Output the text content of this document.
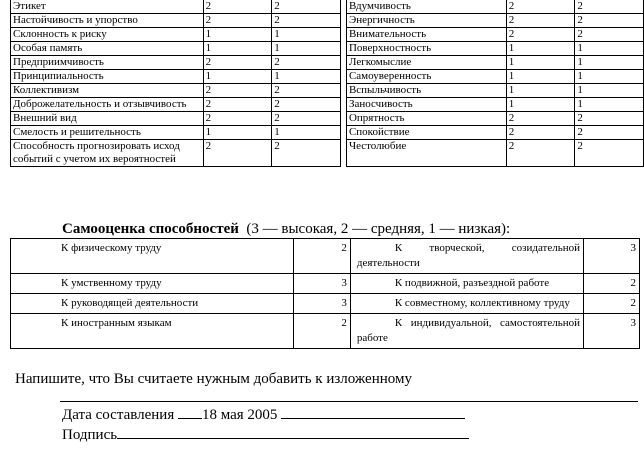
Этикет	2	2		Вдумчивость	2	2
Настойчивость и упорство	2	2		Энергичность	2	2
Склонность к риску	1	1		Внимательность	2	2
Особая память	1	1		Поверхностность	1	1
Предприимчивость	2	2		Легкомыслие	1	1
Принципиальность	1	1		Самоуверенность	1	1
Коллективизм	2	2		Вспыльчивость	1	1
Доброжелательность и отзывчивость	2	2		Заносчивость	1	1
Внешний вид	2	2		Опрятность	2	2
Смелость и решительность	1	1		Спокойствие	2	2
Способность прогнозировать исход событий с учетом их вероятностей	2	2		Честолюбие	2	2
Самооценка способностей (3 — высокая, 2 — средняя, 1 — низкая):
К физическому труду	2	К творческой, созидательной деятельности	3
К умственному труду	3	К подвижной, разъездной работе	2
К руководящей деятельности	3	К совместному, коллективному труду	2
К иностранным языкам	2	К индивидуальной, самостоятельной работе	3
Напишите, что Вы считаете нужным добавить к изложенному
Дата составления 18 мая 2005
Подпись
